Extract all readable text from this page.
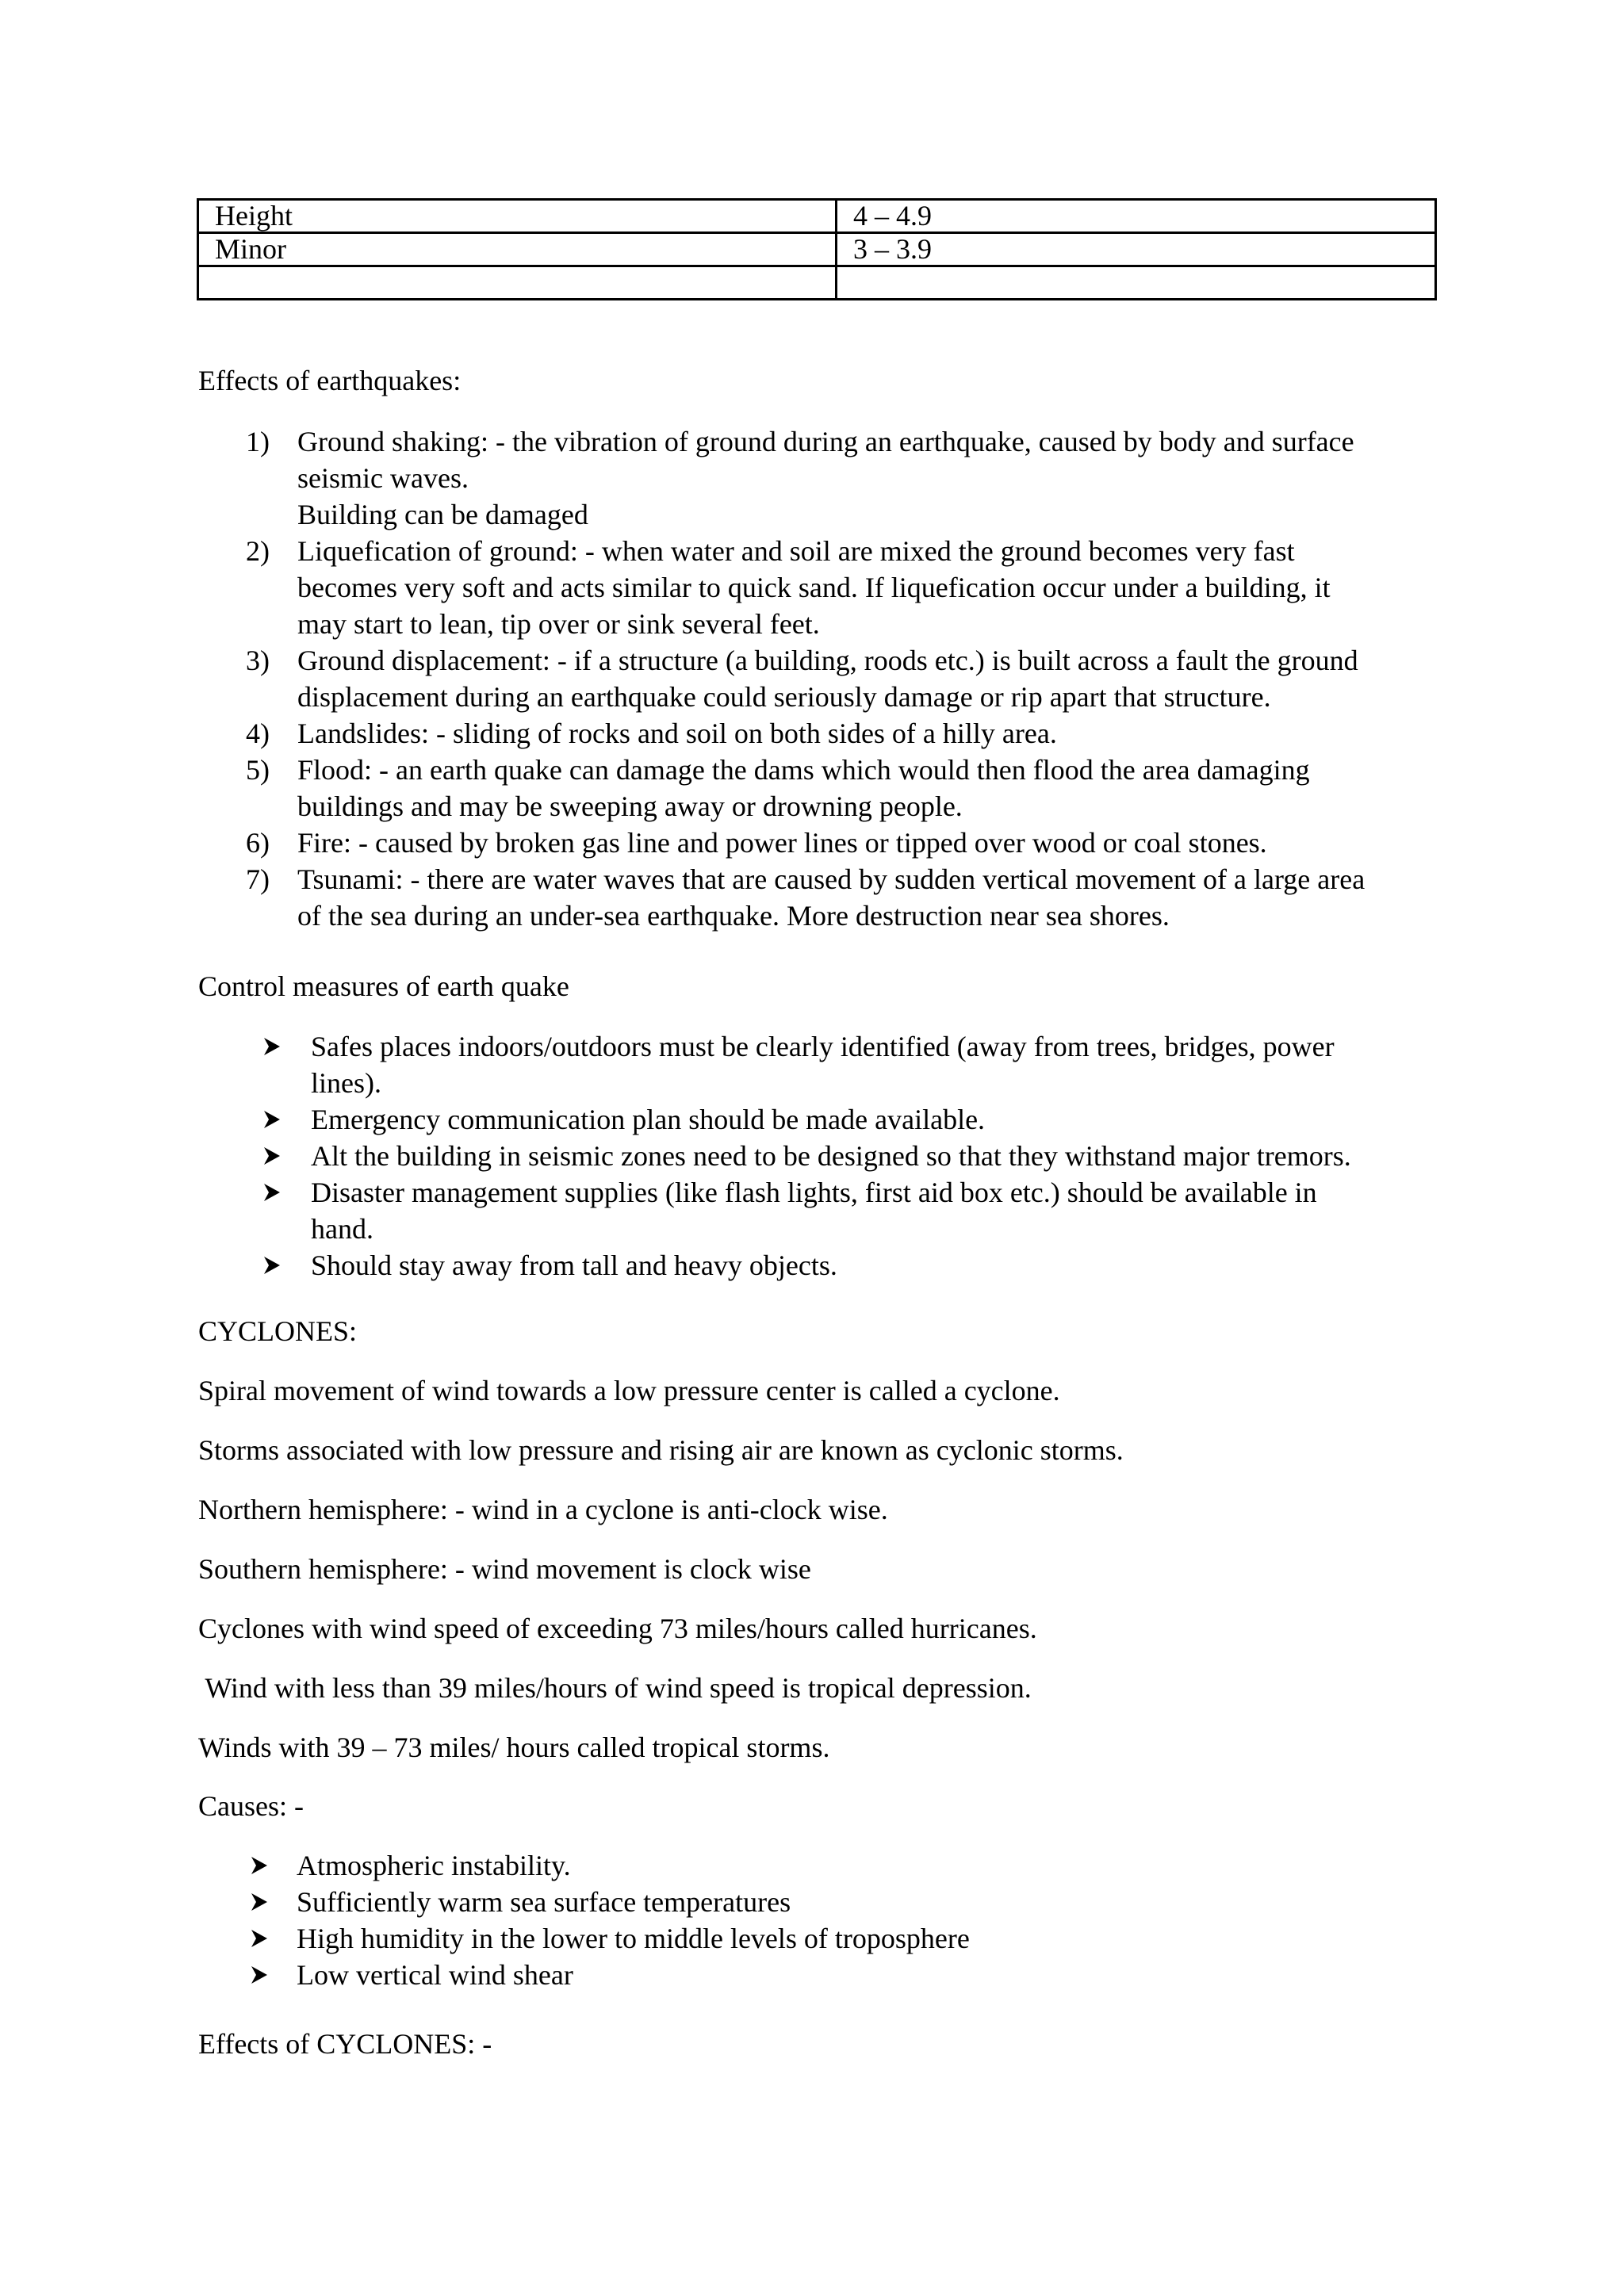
Height	4 – 4.9
Minor	3 – 3.9

Effects of earthquakes:
1) Ground shaking: - the vibration of ground during an earthquake, caused by body and surface
seismic waves.
Building can be damaged
2) Liquefication of ground: - when water and soil are mixed the ground becomes very fast
becomes very soft and acts similar to quick sand. If liquefication occur under a building, it
may start to lean, tip over or sink several feet.
3) Ground displacement: - if a structure (a building, roods etc.) is built across a fault the ground
displacement during an earthquake could seriously damage or rip apart that structure.
4) Landslides: - sliding of rocks and soil on both sides of a hilly area.
5) Flood: - an earth quake can damage the dams which would then flood the area damaging
buildings and may be sweeping away or drowning people.
6) Fire: - caused by broken gas line and power lines or tipped over wood or coal stones.
7) Tsunami: - there are water waves that are caused by sudden vertical movement of a large area
of the sea during an under-sea earthquake. More destruction near sea shores.
Control measures of earth quake
Safes places indoors/outdoors must be clearly identified (away from trees, bridges, power
lines).
Emergency communication plan should be made available.
Alt the building in seismic zones need to be designed so that they withstand major tremors.
Disaster management supplies (like flash lights, first aid box etc.) should be available in
hand.
Should stay away from tall and heavy objects.
CYCLONES:
Spiral movement of wind towards a low pressure center is called a cyclone.
Storms associated with low pressure and rising air are known as cyclonic storms.
Northern hemisphere: - wind in a cyclone is anti-clock wise.
Southern hemisphere: - wind movement is clock wise
Cyclones with wind speed of exceeding 73 miles/hours called hurricanes.
Wind with less than 39 miles/hours of wind speed is tropical depression.
Winds with 39 – 73 miles/ hours called tropical storms.
Causes: -
Atmospheric instability.
Sufficiently warm sea surface temperatures
High humidity in the lower to middle levels of troposphere
Low vertical wind shear
Effects of CYCLONES: -
